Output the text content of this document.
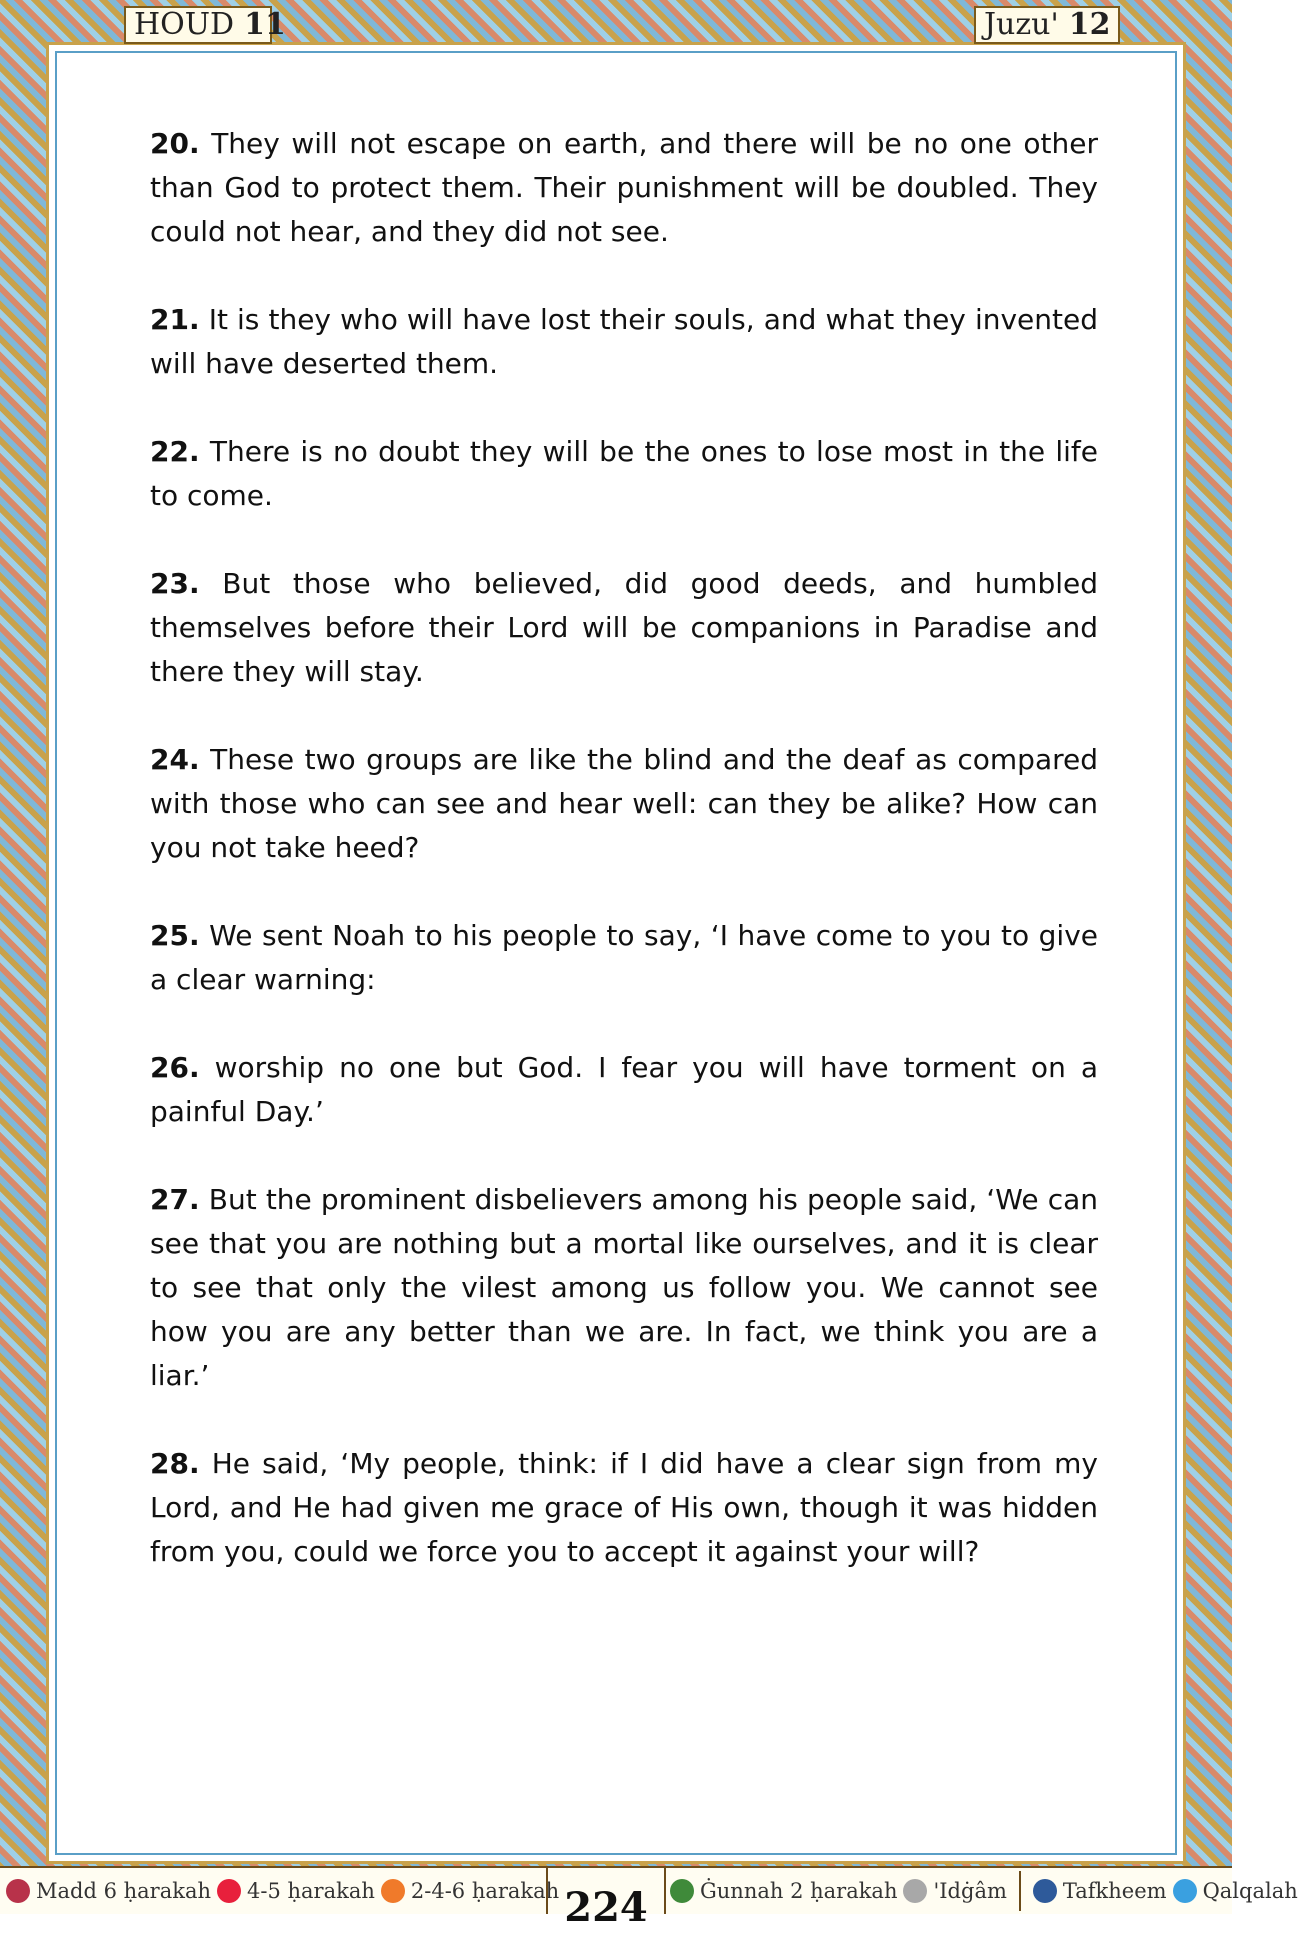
HOUD 11	Juzu' 12

20. They will not escape on earth, and there will be no one other than God to protect them. Their punishment will be doubled. They could not hear, and they did not see.

21. It is they who will have lost their souls, and what they invented will have deserted them.

22. There is no doubt they will be the ones to lose most in the life to come.

23. But those who believed, did good deeds, and humbled themselves before their Lord will be companions in Paradise and there they will stay.

24. These two groups are like the blind and the deaf as compared with those who can see and hear well: can they be alike? How can you not take heed?

25. We sent Noah to his people to say, ‘I have come to you to give a clear warning:

26. worship no one but God. I fear you will have torment on a painful Day.’

27. But the prominent disbelievers among his people said, ‘We can see that you are nothing but a mortal like ourselves, and it is clear to see that only the vilest among us follow you. We cannot see how you are any better than we are. In fact, we think you are a liar.’

28. He said, ‘My people, think: if I did have a clear sign from my Lord, and He had given me grace of His own, though it was hidden from you, could we force you to accept it against your will?

Madd 6 ḥarakah 4-5 ḥarakah 2-4-6 ḥarakah 224	Ġunnah 2 ḥarakah 'Idġâm	Tafkheem Qalqalah
